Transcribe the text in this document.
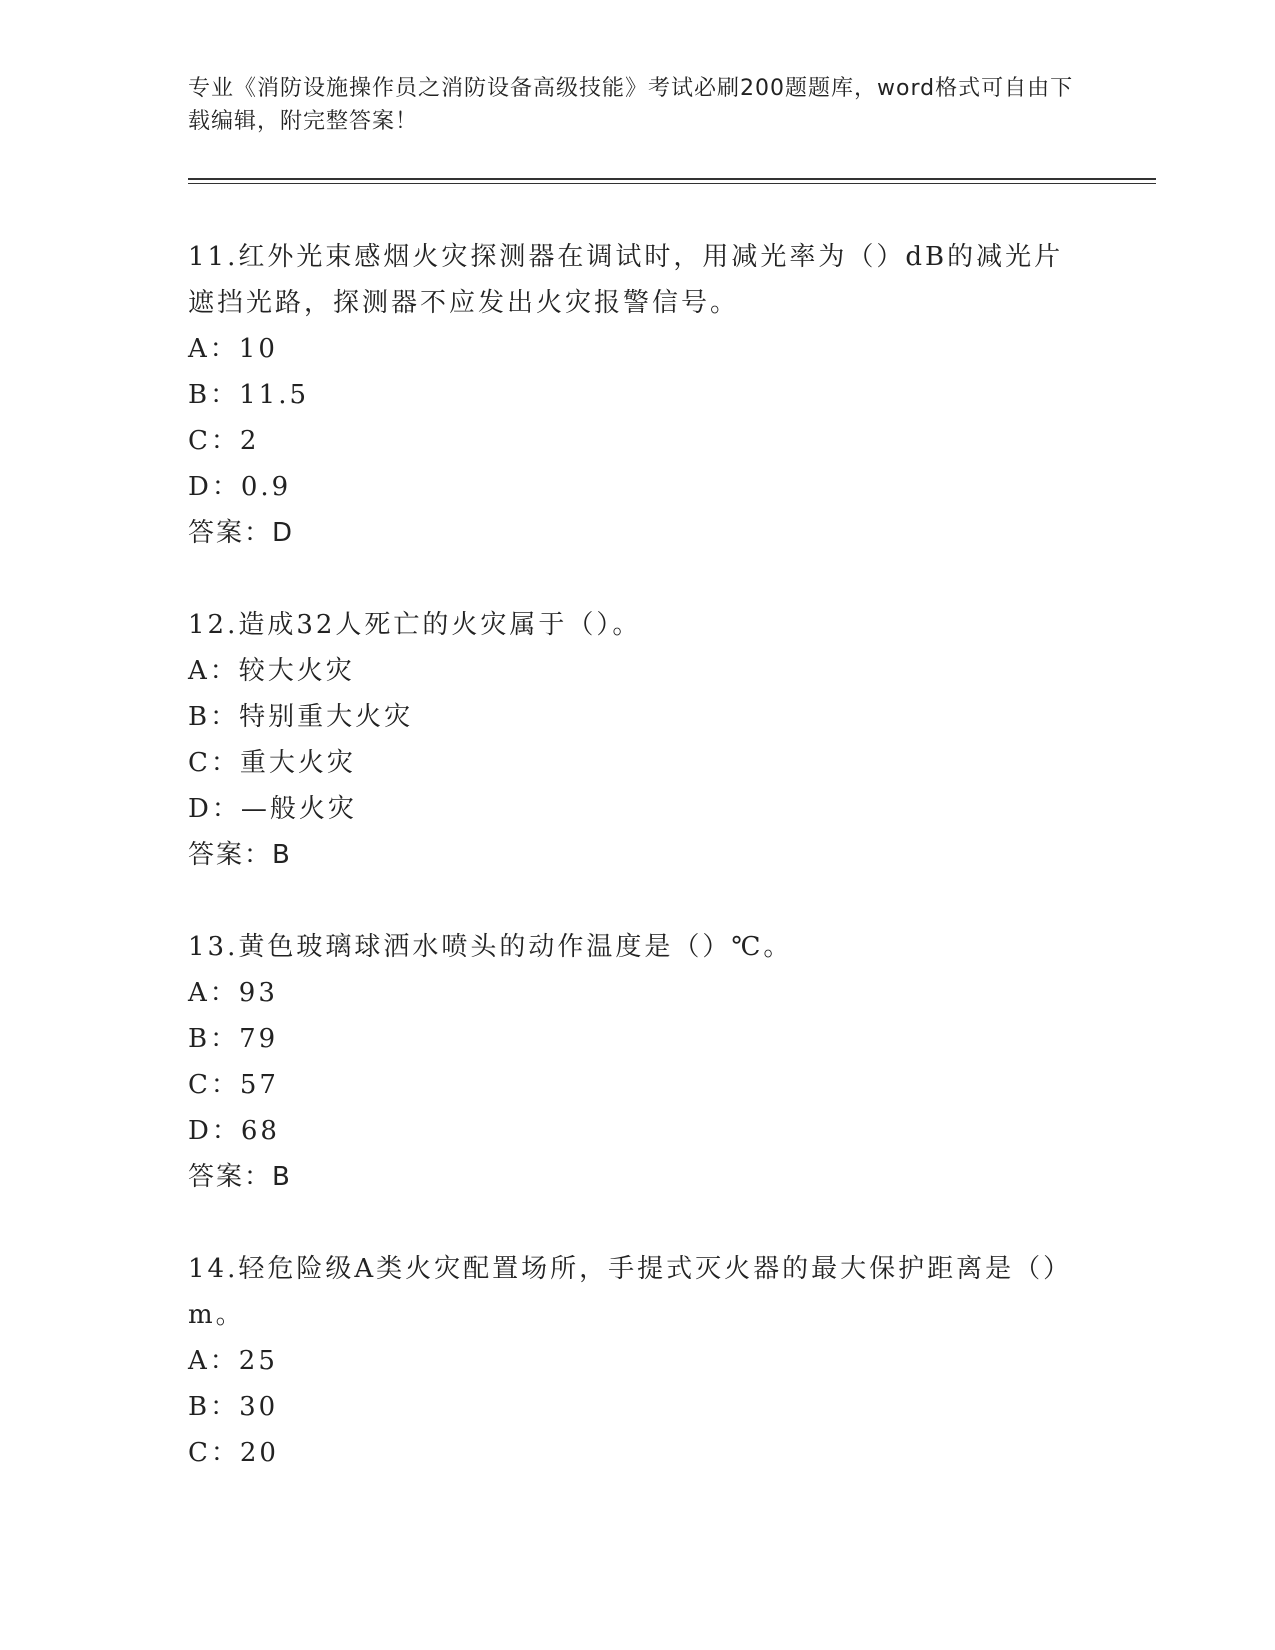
专业《消防设施操作员之消防设备高级技能》考试必刷200题题库，word格式可自由下载编辑，附完整答案！

11.红外光束感烟火灾探测器在调试时，用减光率为（）dB的减光片遮挡光路，探测器不应发出火灾报警信号。

A：10

B：11.5

C：2

D：0.9

答案：D

12.造成32人死亡的火灾属于（）。

A：较大火灾

B：特别重大火灾

C：重大火灾

D：—般火灾

答案：B

13.黄色玻璃球洒水喷头的动作温度是（）℃。

A：93

B：79

C：57

D：68

答案：B

14.轻危险级A类火灾配置场所，手提式灭火器的最大保护距离是（）m。

A：25

B：30

C：20
